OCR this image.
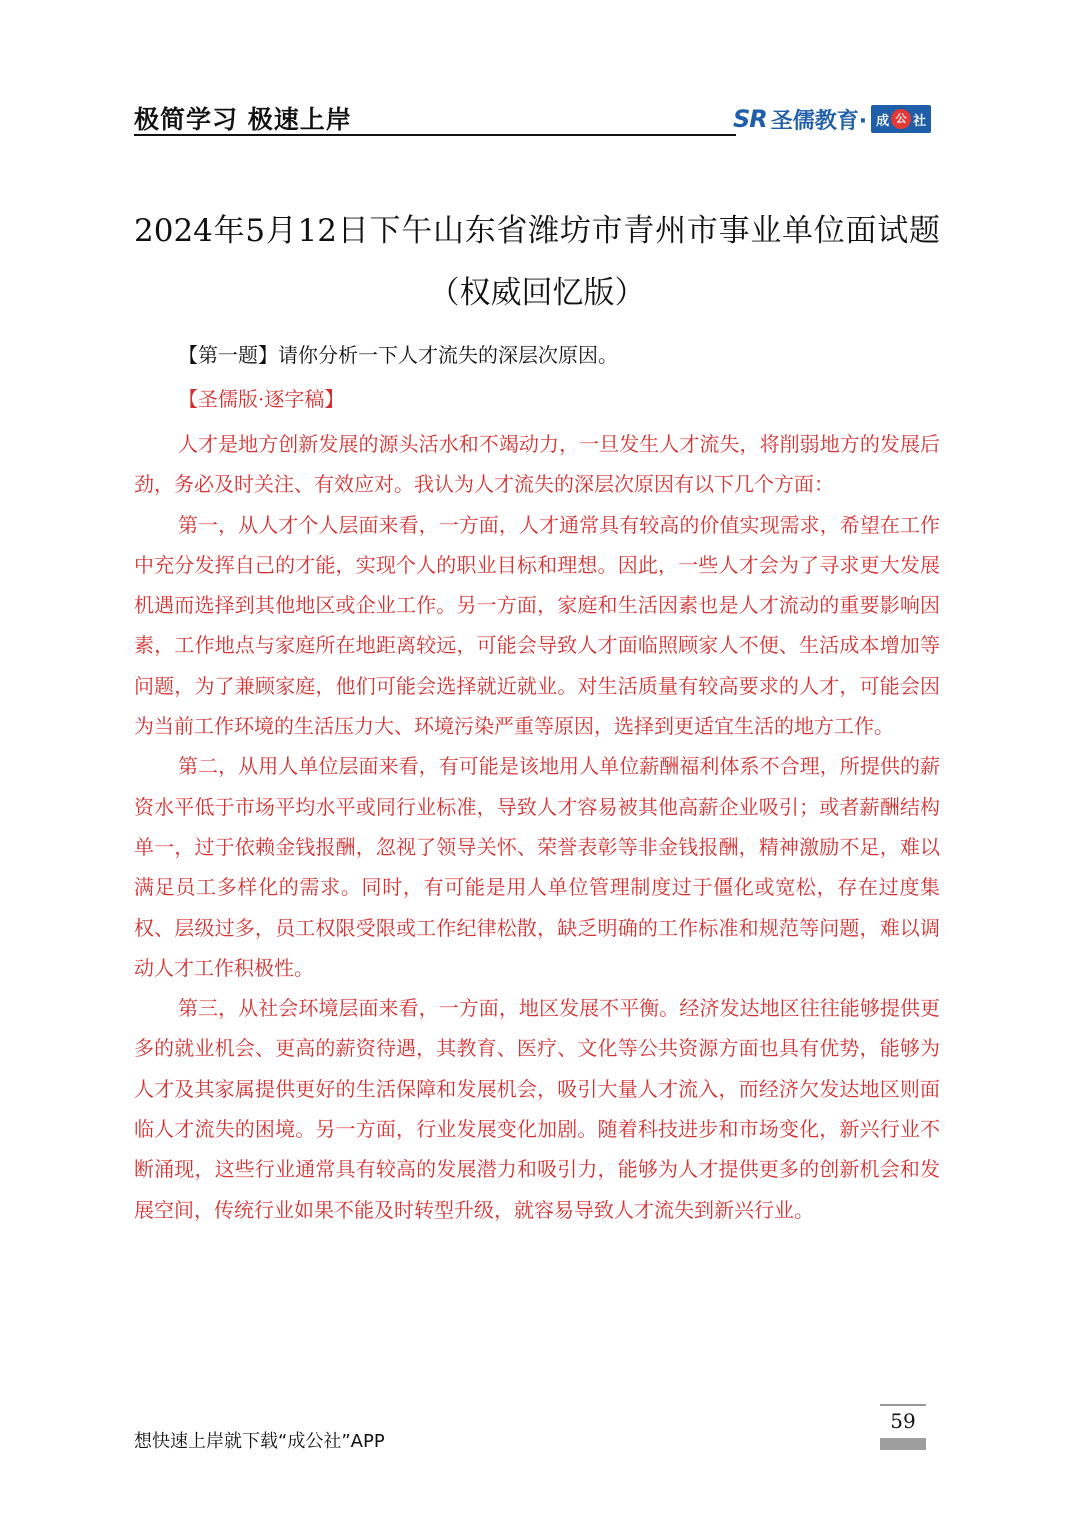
极简学习 极速上岸	SR 圣儒教育· 成 公 社
2024年5月12日下午山东省潍坊市青州市事业单位面试题（权威回忆版）
【第一题】请你分析一下人才流失的深层次原因。
【圣儒版·逐字稿】

人才是地方创新发展的源头活水和不竭动力，一旦发生人才流失，将削弱地方的发展后劲，务必及时关注、有效应对。我认为人才流失的深层次原因有以下几个方面：

第一，从人才个人层面来看，一方面，人才通常具有较高的价值实现需求，希望在工作中充分发挥自己的才能，实现个人的职业目标和理想。因此，一些人才会为了寻求更大发展机遇而选择到其他地区或企业工作。另一方面，家庭和生活因素也是人才流动的重要影响因素，工作地点与家庭所在地距离较远，可能会导致人才面临照顾家人不便、生活成本增加等问题，为了兼顾家庭，他们可能会选择就近就业。对生活质量有较高要求的人才，可能会因为当前工作环境的生活压力大、环境污染严重等原因，选择到更适宜生活的地方工作。

第二，从用人单位层面来看，有可能是该地用人单位薪酬福利体系不合理，所提供的薪资水平低于市场平均水平或同行业标准，导致人才容易被其他高薪企业吸引；或者薪酬结构单一，过于依赖金钱报酬，忽视了领导关怀、荣誉表彰等非金钱报酬，精神激励不足，难以满足员工多样化的需求。同时，有可能是用人单位管理制度过于僵化或宽松，存在过度集权、层级过多，员工权限受限或工作纪律松散，缺乏明确的工作标准和规范等问题，难以调动人才工作积极性。

第三，从社会环境层面来看，一方面，地区发展不平衡。经济发达地区往往能够提供更多的就业机会、更高的薪资待遇，其教育、医疗、文化等公共资源方面也具有优势，能够为人才及其家属提供更好的生活保障和发展机会，吸引大量人才流入，而经济欠发达地区则面临人才流失的困境。另一方面，行业发展变化加剧。随着科技进步和市场变化，新兴行业不断涌现，这些行业通常具有较高的发展潜力和吸引力，能够为人才提供更多的创新机会和发展空间，传统行业如果不能及时转型升级，就容易导致人才流失到新兴行业。

想快速上岸就下载“成公社”APP
59
